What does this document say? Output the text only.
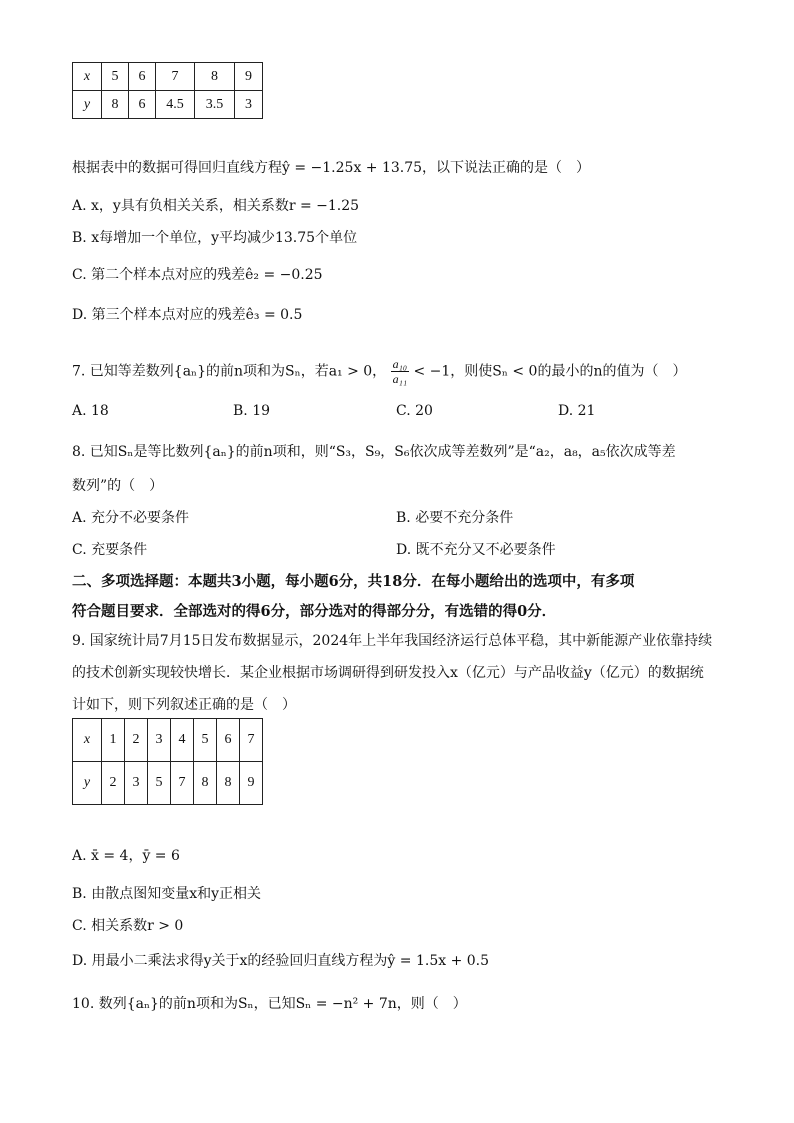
x	5	6	7	8	9
y	8	6	4.5	3.5	3
根据表中的数据可得回归直线方程ŷ = −1.25x + 13.75，以下说法正确的是（　）
A. x，y具有负相关关系，相关系数r = −1.25
B. x每增加一个单位，y平均减少13.75个单位
C. 第二个样本点对应的残差ê₂ = −0.25
D. 第三个样本点对应的残差ê₃ = 0.5
7. 已知等差数列{aₙ}的前n项和为Sₙ，若a₁ > 0， $\frac{\text{a₁₀}}{\text{a₁₁}} < -1$，则使Sₙ < 0的最小的n的值为（　）
A. 18	B. 19	C. 20	D. 21
8. 已知Sₙ是等比数列{aₙ}的前n项和，则“S₃，S₉，S₆依次成等差数列”是“a₂，a₈，a₅依次成等差
数列”的（　）
A. 充分不必要条件	B. 必要不充分条件
C. 充要条件	D. 既不充分又不必要条件
二、多项选择题：本题共3小题，每小题6分，共18分．在每小题给出的选项中，有多项
符合题目要求．全部选对的得6分，部分选对的得部分分，有选错的得0分．
9. 国家统计局7月15日发布数据显示，2024年上半年我国经济运行总体平稳，其中新能源产业依靠持续
的技术创新实现较快增长．某企业根据市场调研得到研发投入x（亿元）与产品收益y（亿元）的数据统
计如下，则下列叙述正确的是（　）
x	1	2	3	4	5	6	7
y	2	3	5	7	8	8	9
A. x̄ = 4，ȳ = 6
B. 由散点图知变量x和y正相关
C. 相关系数r > 0
D. 用最小二乘法求得y关于x的经验回归直线方程为ŷ = 1.5x + 0.5
10. 数列{aₙ}的前n项和为Sₙ，已知Sₙ = −n² + 7n，则（　）
